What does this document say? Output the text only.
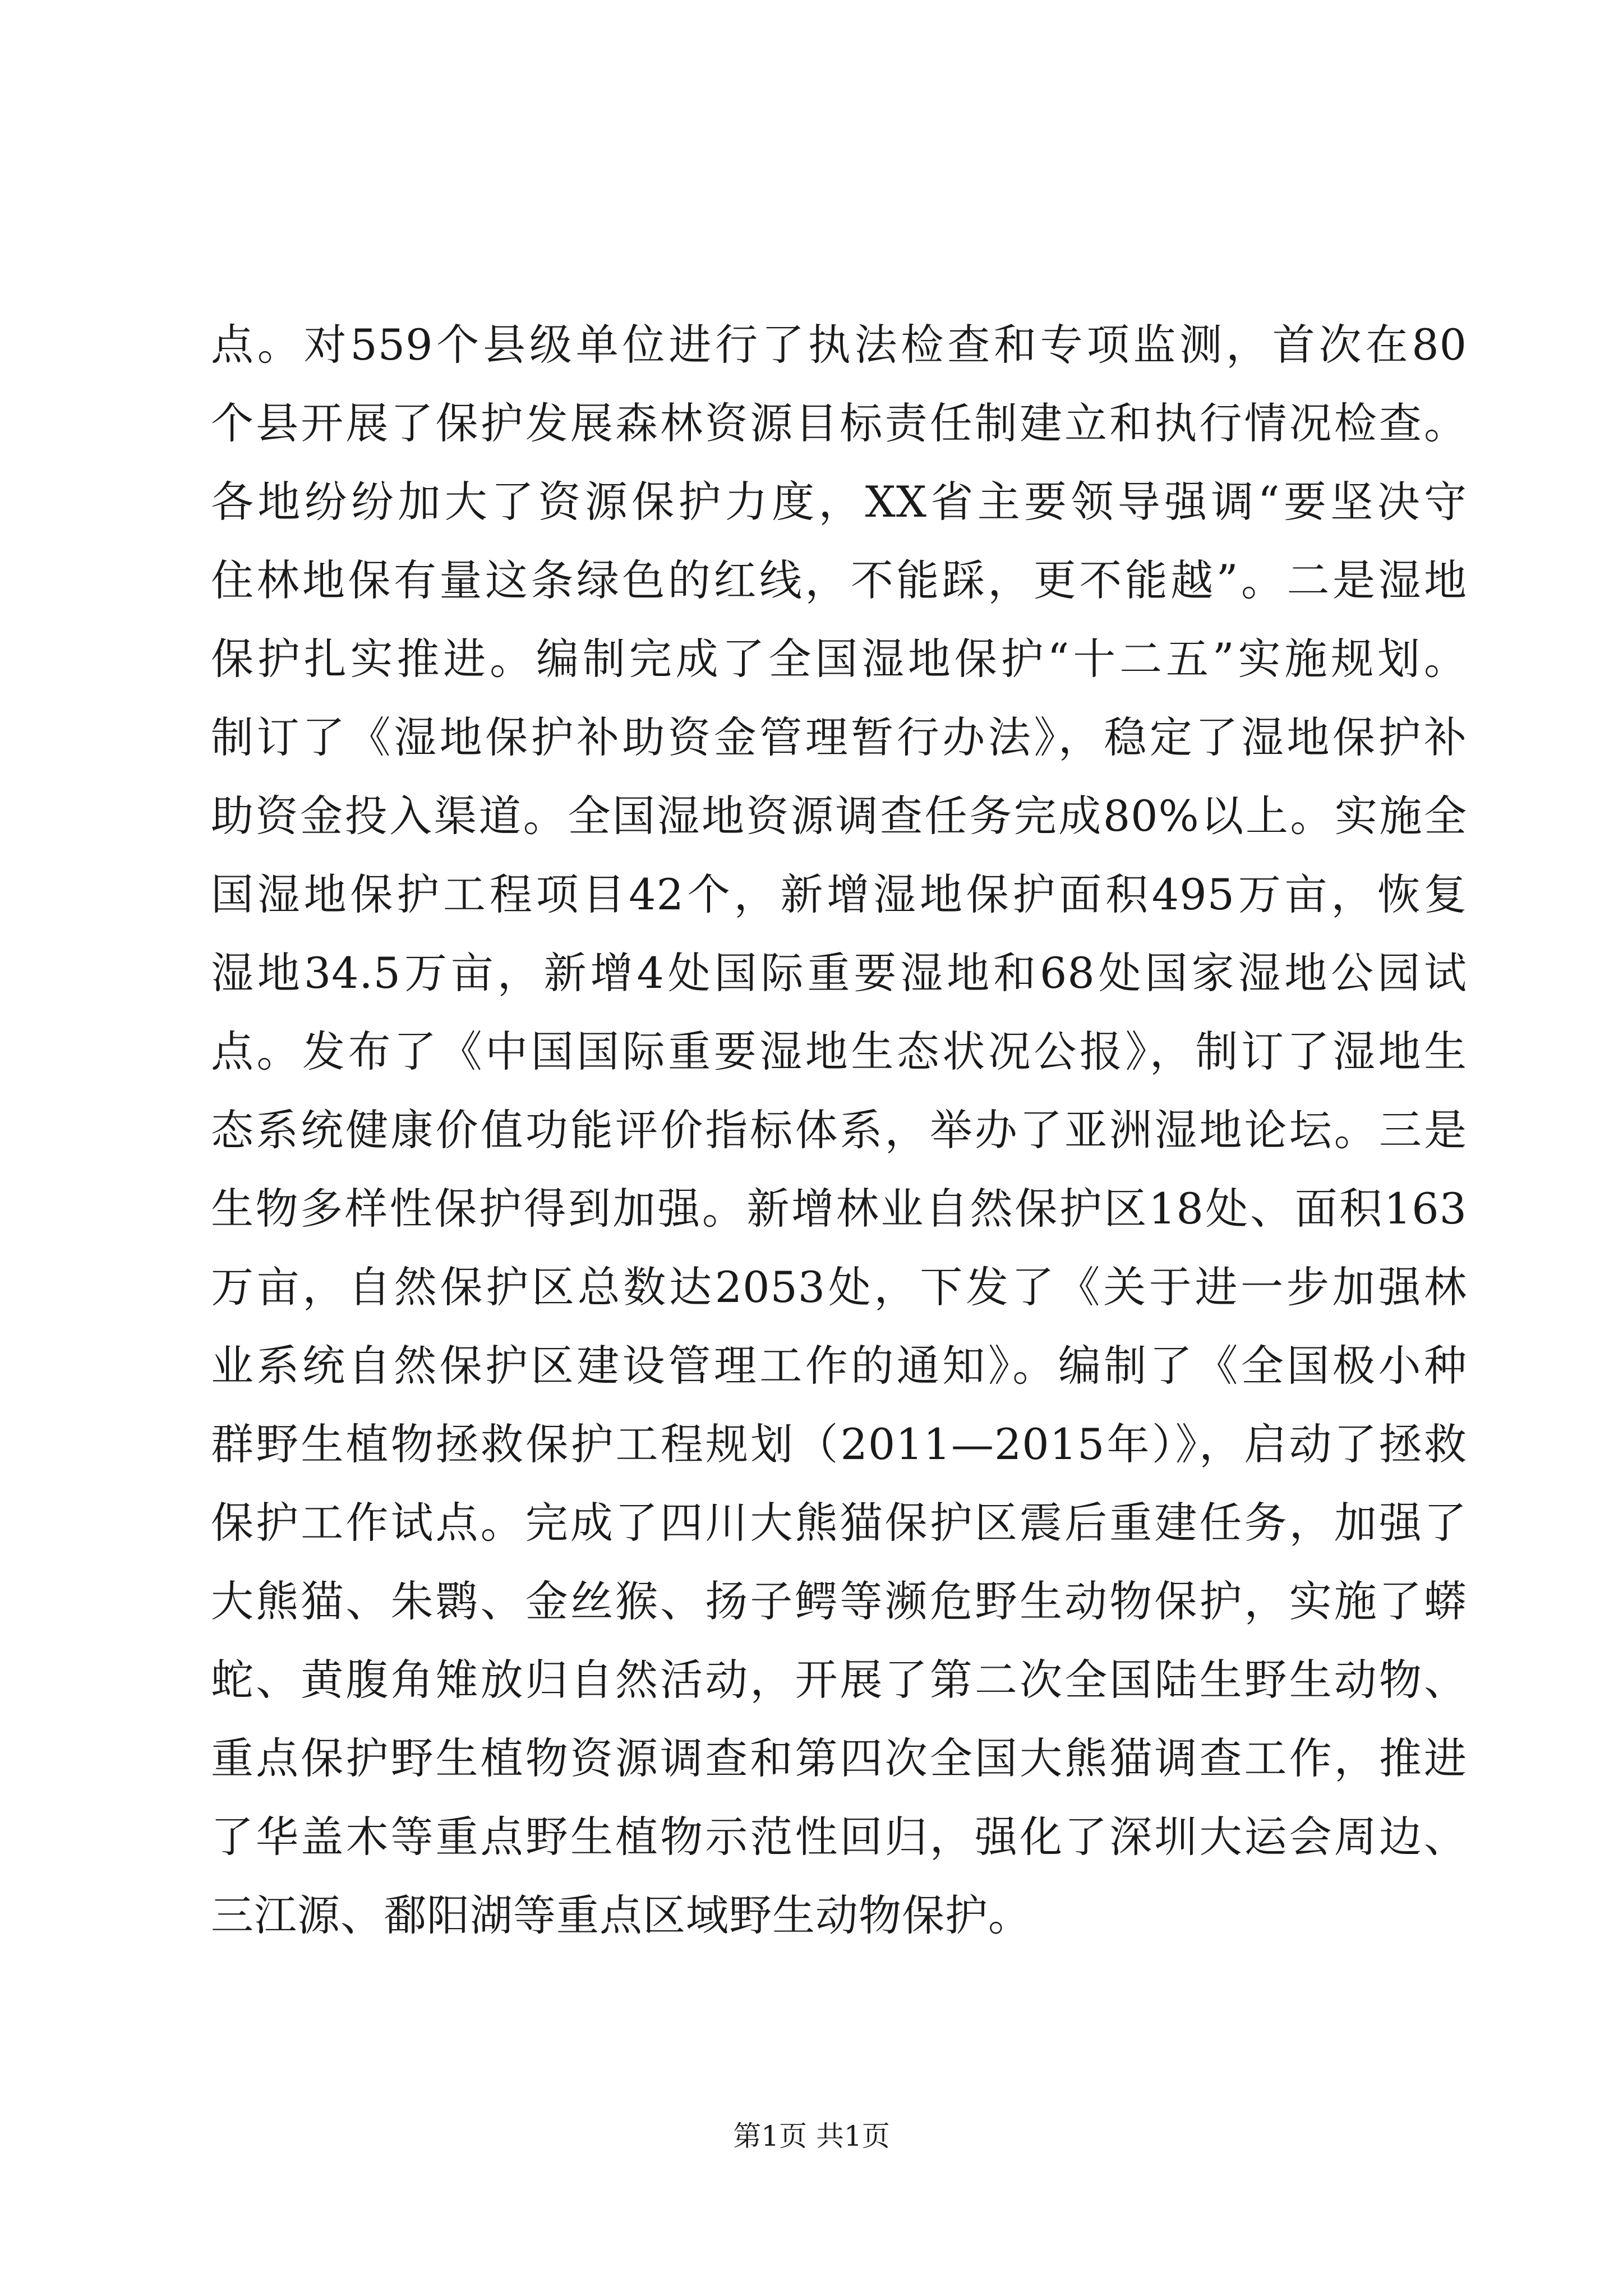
点。对559个县级单位进行了执法检查和专项监测，首次在80
个县开展了保护发展森林资源目标责任制建立和执行情况检查。
各地纷纷加大了资源保护力度，XX省主要领导强调“要坚决守
住林地保有量这条绿色的红线，不能踩，更不能越”。二是湿地
保护扎实推进。编制完成了全国湿地保护“十二五”实施规划。
制订了《湿地保护补助资金管理暂行办法》，稳定了湿地保护补
助资金投入渠道。全国湿地资源调查任务完成80%以上。实施全
国湿地保护工程项目42个，新增湿地保护面积495万亩，恢复
湿地34.5万亩，新增4处国际重要湿地和68处国家湿地公园试
点。发布了《中国国际重要湿地生态状况公报》，制订了湿地生
态系统健康价值功能评价指标体系，举办了亚洲湿地论坛。三是
生物多样性保护得到加强。新增林业自然保护区18处、面积163
万亩，自然保护区总数达2053处，下发了《关于进一步加强林
业系统自然保护区建设管理工作的通知》。编制了《全国极小种
群野生植物拯救保护工程规划（2011—2015年）》，启动了拯救
保护工作试点。完成了四川大熊猫保护区震后重建任务，加强了
大熊猫、朱鹮、金丝猴、扬子鳄等濒危野生动物保护，实施了蟒
蛇、黄腹角雉放归自然活动，开展了第二次全国陆生野生动物、
重点保护野生植物资源调查和第四次全国大熊猫调查工作，推进
了华盖木等重点野生植物示范性回归，强化了深圳大运会周边、
三江源、鄱阳湖等重点区域野生动物保护。
第1页 共1页
